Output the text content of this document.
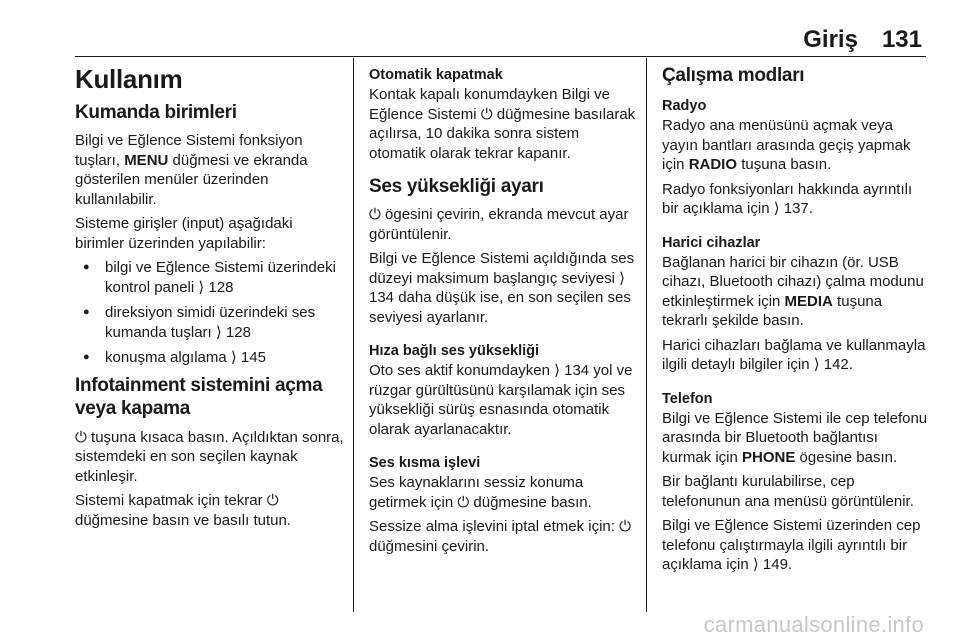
Giriş 131
Kullanım
Kumanda birimleri

Bilgi ve Eğlence Sistemi fonksiyon tuşları, MENU düğmesi ve ekranda gösterilen menüler üzerinden kullanılabilir.

Sisteme girişler (input) aşağıdaki birimler üzerinden yapılabilir:

● bilgi ve Eğlence Sistemi üzerindeki kontrol paneli ⟩ 128
● direksiyon simidi üzerindeki ses kumanda tuşları ⟩ 128
● konuşma algılama ⟩ 145
Infotainment sistemini açma veya kapama

⏻ tuşuna kısaca basın. Açıldıktan sonra, sistemdeki en son seçilen kaynak etkinleşir.

Sistemi kapatmak için tekrar ⏻ düğmesine basın ve basılı tutun.

Otomatik kapatmak

Kontak kapalı konumdayken Bilgi ve Eğlence Sistemi ⏻ düğmesine basılarak açılırsa, 10 dakika sonra sistem otomatik olarak tekrar kapanır.

Ses yüksekliği ayarı

⏻ ögesini çevirin, ekranda mevcut ayar görüntülenir.

Bilgi ve Eğlence Sistemi açıldığında ses düzeyi maksimum başlangıç seviyesi ⟩ 134 daha düşük ise, en son seçilen ses seviyesi ayarlanır.

Hıza bağlı ses yüksekliği

Oto ses aktif konumdayken ⟩ 134 yol ve rüzgar gürültüsünü karşılamak için ses yüksekliği sürüş esnasında otomatik olarak ayarlanacaktır.

Ses kısma işlevi

Ses kaynaklarını sessiz konuma getirmek için ⏻ düğmesine basın.

Sessize alma işlevini iptal etmek için: ⏻ düğmesini çevirin.

Çalışma modları
Radyo

Radyo ana menüsünü açmak veya yayın bantları arasında geçiş yapmak için RADIO tuşuna basın.

Radyo fonksiyonları hakkında ayrıntılı bir açıklama için ⟩ 137.

Harici cihazlar

Bağlanan harici bir cihazın (ör. USB cihazı, Bluetooth cihazı) çalma modunu etkinleştirmek için MEDIA tuşuna tekrarlı şekilde basın.

Harici cihazları bağlama ve kullanmayla ilgili detaylı bilgiler için ⟩ 142.

Telefon

Bilgi ve Eğlence Sistemi ile cep telefonu arasında bir Bluetooth bağlantısı kurmak için PHONE ögesine basın.

Bir bağlantı kurulabilirse, cep telefonunun ana menüsü görüntülenir.

Bilgi ve Eğlence Sistemi üzerinden cep telefonu çalıştırmayla ilgili ayrıntılı bir açıklama için ⟩ 149.

carmanualsonline.info
